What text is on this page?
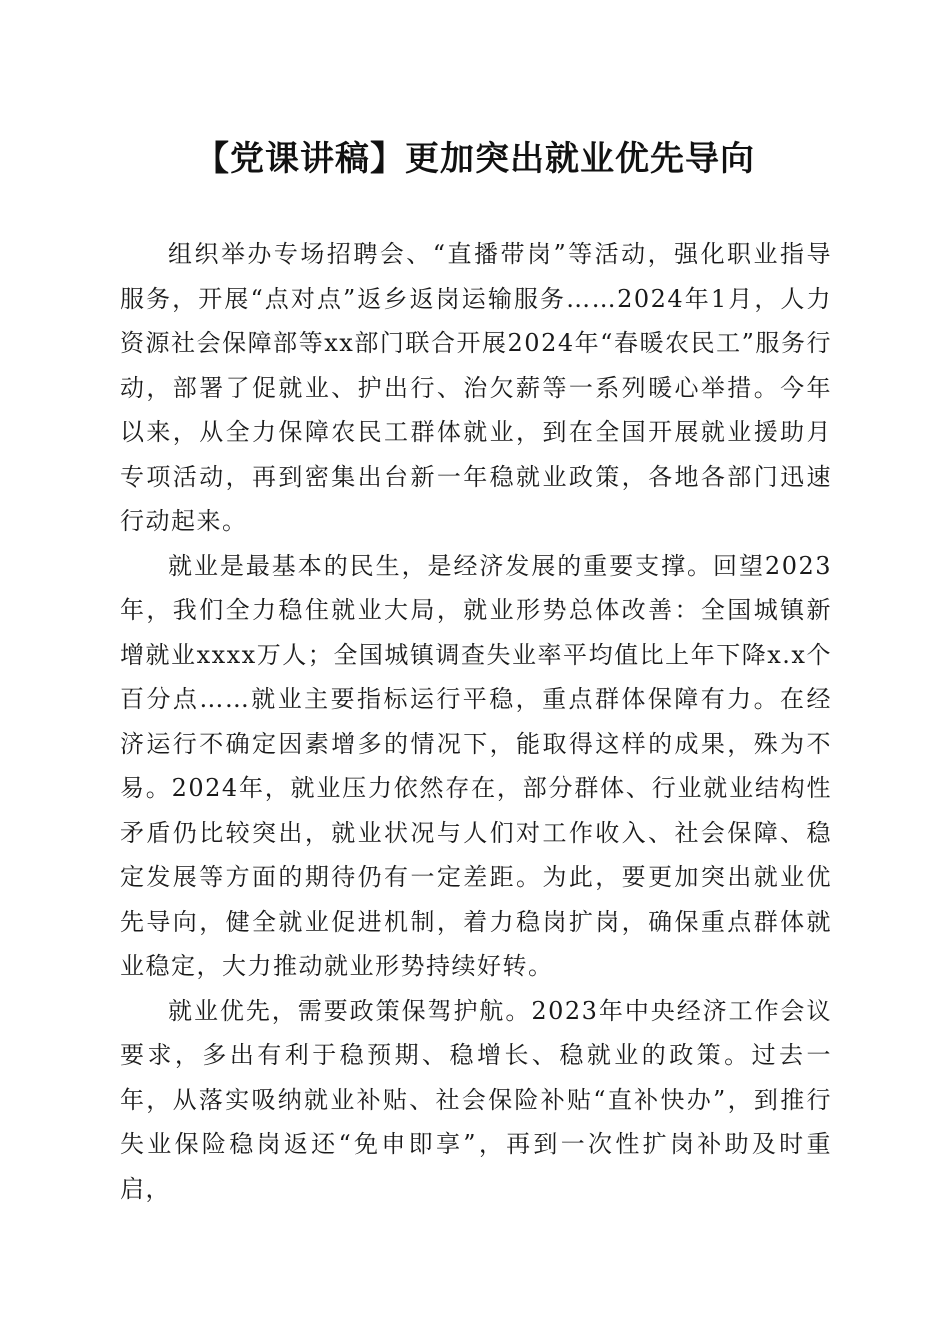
【党课讲稿】更加突出就业优先导向

组织举办专场招聘会、“直播带岗”等活动，强化职业指导服务，开展“点对点”返乡返岗运输服务……2024年1月，人力资源社会保障部等xx部门联合开展2024年“春暖农民工”服务行动，部署了促就业、护出行、治欠薪等一系列暖心举措。今年以来，从全力保障农民工群体就业，到在全国开展就业援助月专项活动，再到密集出台新一年稳就业政策，各地各部门迅速行动起来。

就业是最基本的民生，是经济发展的重要支撑。回望2023年，我们全力稳住就业大局，就业形势总体改善：全国城镇新增就业xxxx万人；全国城镇调查失业率平均值比上年下降x.x个百分点……就业主要指标运行平稳，重点群体保障有力。在经济运行不确定因素增多的情况下，能取得这样的成果，殊为不易。2024年，就业压力依然存在，部分群体、行业就业结构性矛盾仍比较突出，就业状况与人们对工作收入、社会保障、稳定发展等方面的期待仍有一定差距。为此，要更加突出就业优先导向，健全就业促进机制，着力稳岗扩岗，确保重点群体就业稳定，大力推动就业形势持续好转。

就业优先，需要政策保驾护航。2023年中央经济工作会议要求，多出有利于稳预期、稳增长、稳就业的政策。过去一年，从落实吸纳就业补贴、社会保险补贴“直补快办”，到推行失业保险稳岗返还“免申即享”，再到一次性扩岗补助及时重启，
